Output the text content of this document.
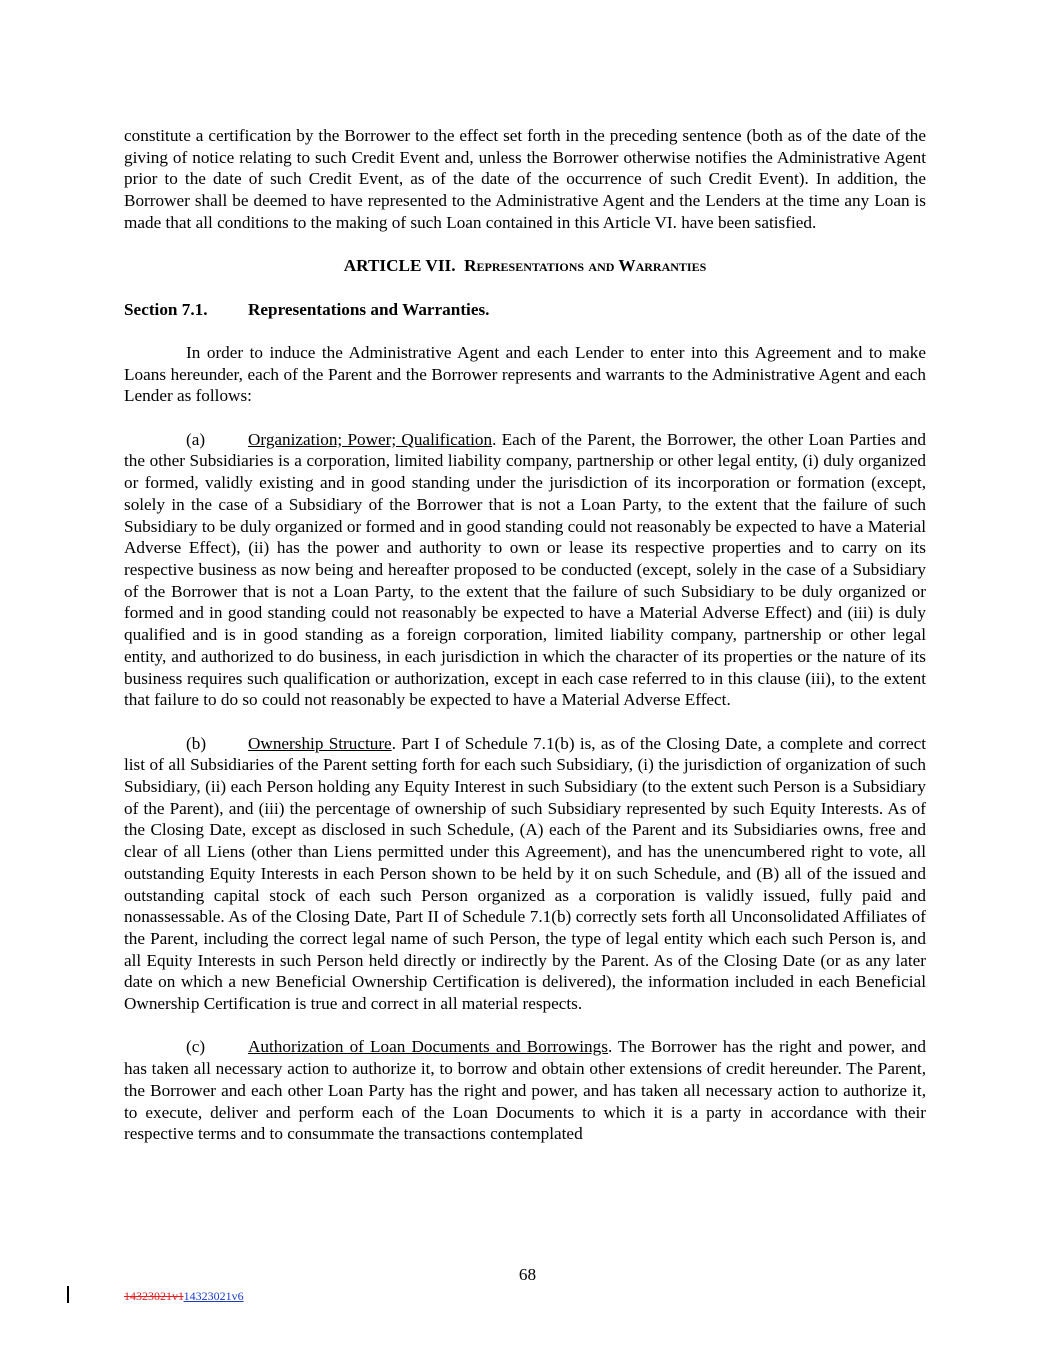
constitute a certification by the Borrower to the effect set forth in the preceding sentence (both as of the date of the giving of notice relating to such Credit Event and, unless the Borrower otherwise notifies the Administrative Agent prior to the date of such Credit Event, as of the date of the occurrence of such Credit Event). In addition, the Borrower shall be deemed to have represented to the Administrative Agent and the Lenders at the time any Loan is made that all conditions to the making of such Loan contained in this Article VI. have been satisfied.

ARTICLE VII. Representations and Warranties

Section 7.1. Representations and Warranties.

In order to induce the Administrative Agent and each Lender to enter into this Agreement and to make Loans hereunder, each of the Parent and the Borrower represents and warrants to the Administrative Agent and each Lender as follows:

(a) Organization; Power; Qualification. Each of the Parent, the Borrower, the other Loan Parties and the other Subsidiaries is a corporation, limited liability company, partnership or other legal entity, (i) duly organized or formed, validly existing and in good standing under the jurisdiction of its incorporation or formation (except, solely in the case of a Subsidiary of the Borrower that is not a Loan Party, to the extent that the failure of such Subsidiary to be duly organized or formed and in good standing could not reasonably be expected to have a Material Adverse Effect), (ii) has the power and authority to own or lease its respective properties and to carry on its respective business as now being and hereafter proposed to be conducted (except, solely in the case of a Subsidiary of the Borrower that is not a Loan Party, to the extent that the failure of such Subsidiary to be duly organized or formed and in good standing could not reasonably be expected to have a Material Adverse Effect) and (iii) is duly qualified and is in good standing as a foreign corporation, limited liability company, partnership or other legal entity, and authorized to do business, in each jurisdiction in which the character of its properties or the nature of its business requires such qualification or authorization, except in each case referred to in this clause (iii), to the extent that failure to do so could not reasonably be expected to have a Material Adverse Effect.

(b) Ownership Structure. Part I of Schedule 7.1(b) is, as of the Closing Date, a complete and correct list of all Subsidiaries of the Parent setting forth for each such Subsidiary, (i) the jurisdiction of organization of such Subsidiary, (ii) each Person holding any Equity Interest in such Subsidiary (to the extent such Person is a Subsidiary of the Parent), and (iii) the percentage of ownership of such Subsidiary represented by such Equity Interests. As of the Closing Date, except as disclosed in such Schedule, (A) each of the Parent and its Subsidiaries owns, free and clear of all Liens (other than Liens permitted under this Agreement), and has the unencumbered right to vote, all outstanding Equity Interests in each Person shown to be held by it on such Schedule, and (B) all of the issued and outstanding capital stock of each such Person organized as a corporation is validly issued, fully paid and nonassessable. As of the Closing Date, Part II of Schedule 7.1(b) correctly sets forth all Unconsolidated Affiliates of the Parent, including the correct legal name of such Person, the type of legal entity which each such Person is, and all Equity Interests in such Person held directly or indirectly by the Parent. As of the Closing Date (or as any later date on which a new Beneficial Ownership Certification is delivered), the information included in each Beneficial Ownership Certification is true and correct in all material respects.

(c) Authorization of Loan Documents and Borrowings. The Borrower has the right and power, and has taken all necessary action to authorize it, to borrow and obtain other extensions of credit hereunder. The Parent, the Borrower and each other Loan Party has the right and power, and has taken all necessary action to authorize it, to execute, deliver and perform each of the Loan Documents to which it is a party in accordance with their respective terms and to consummate the transactions contemplated

68
14323021v114323021v6
